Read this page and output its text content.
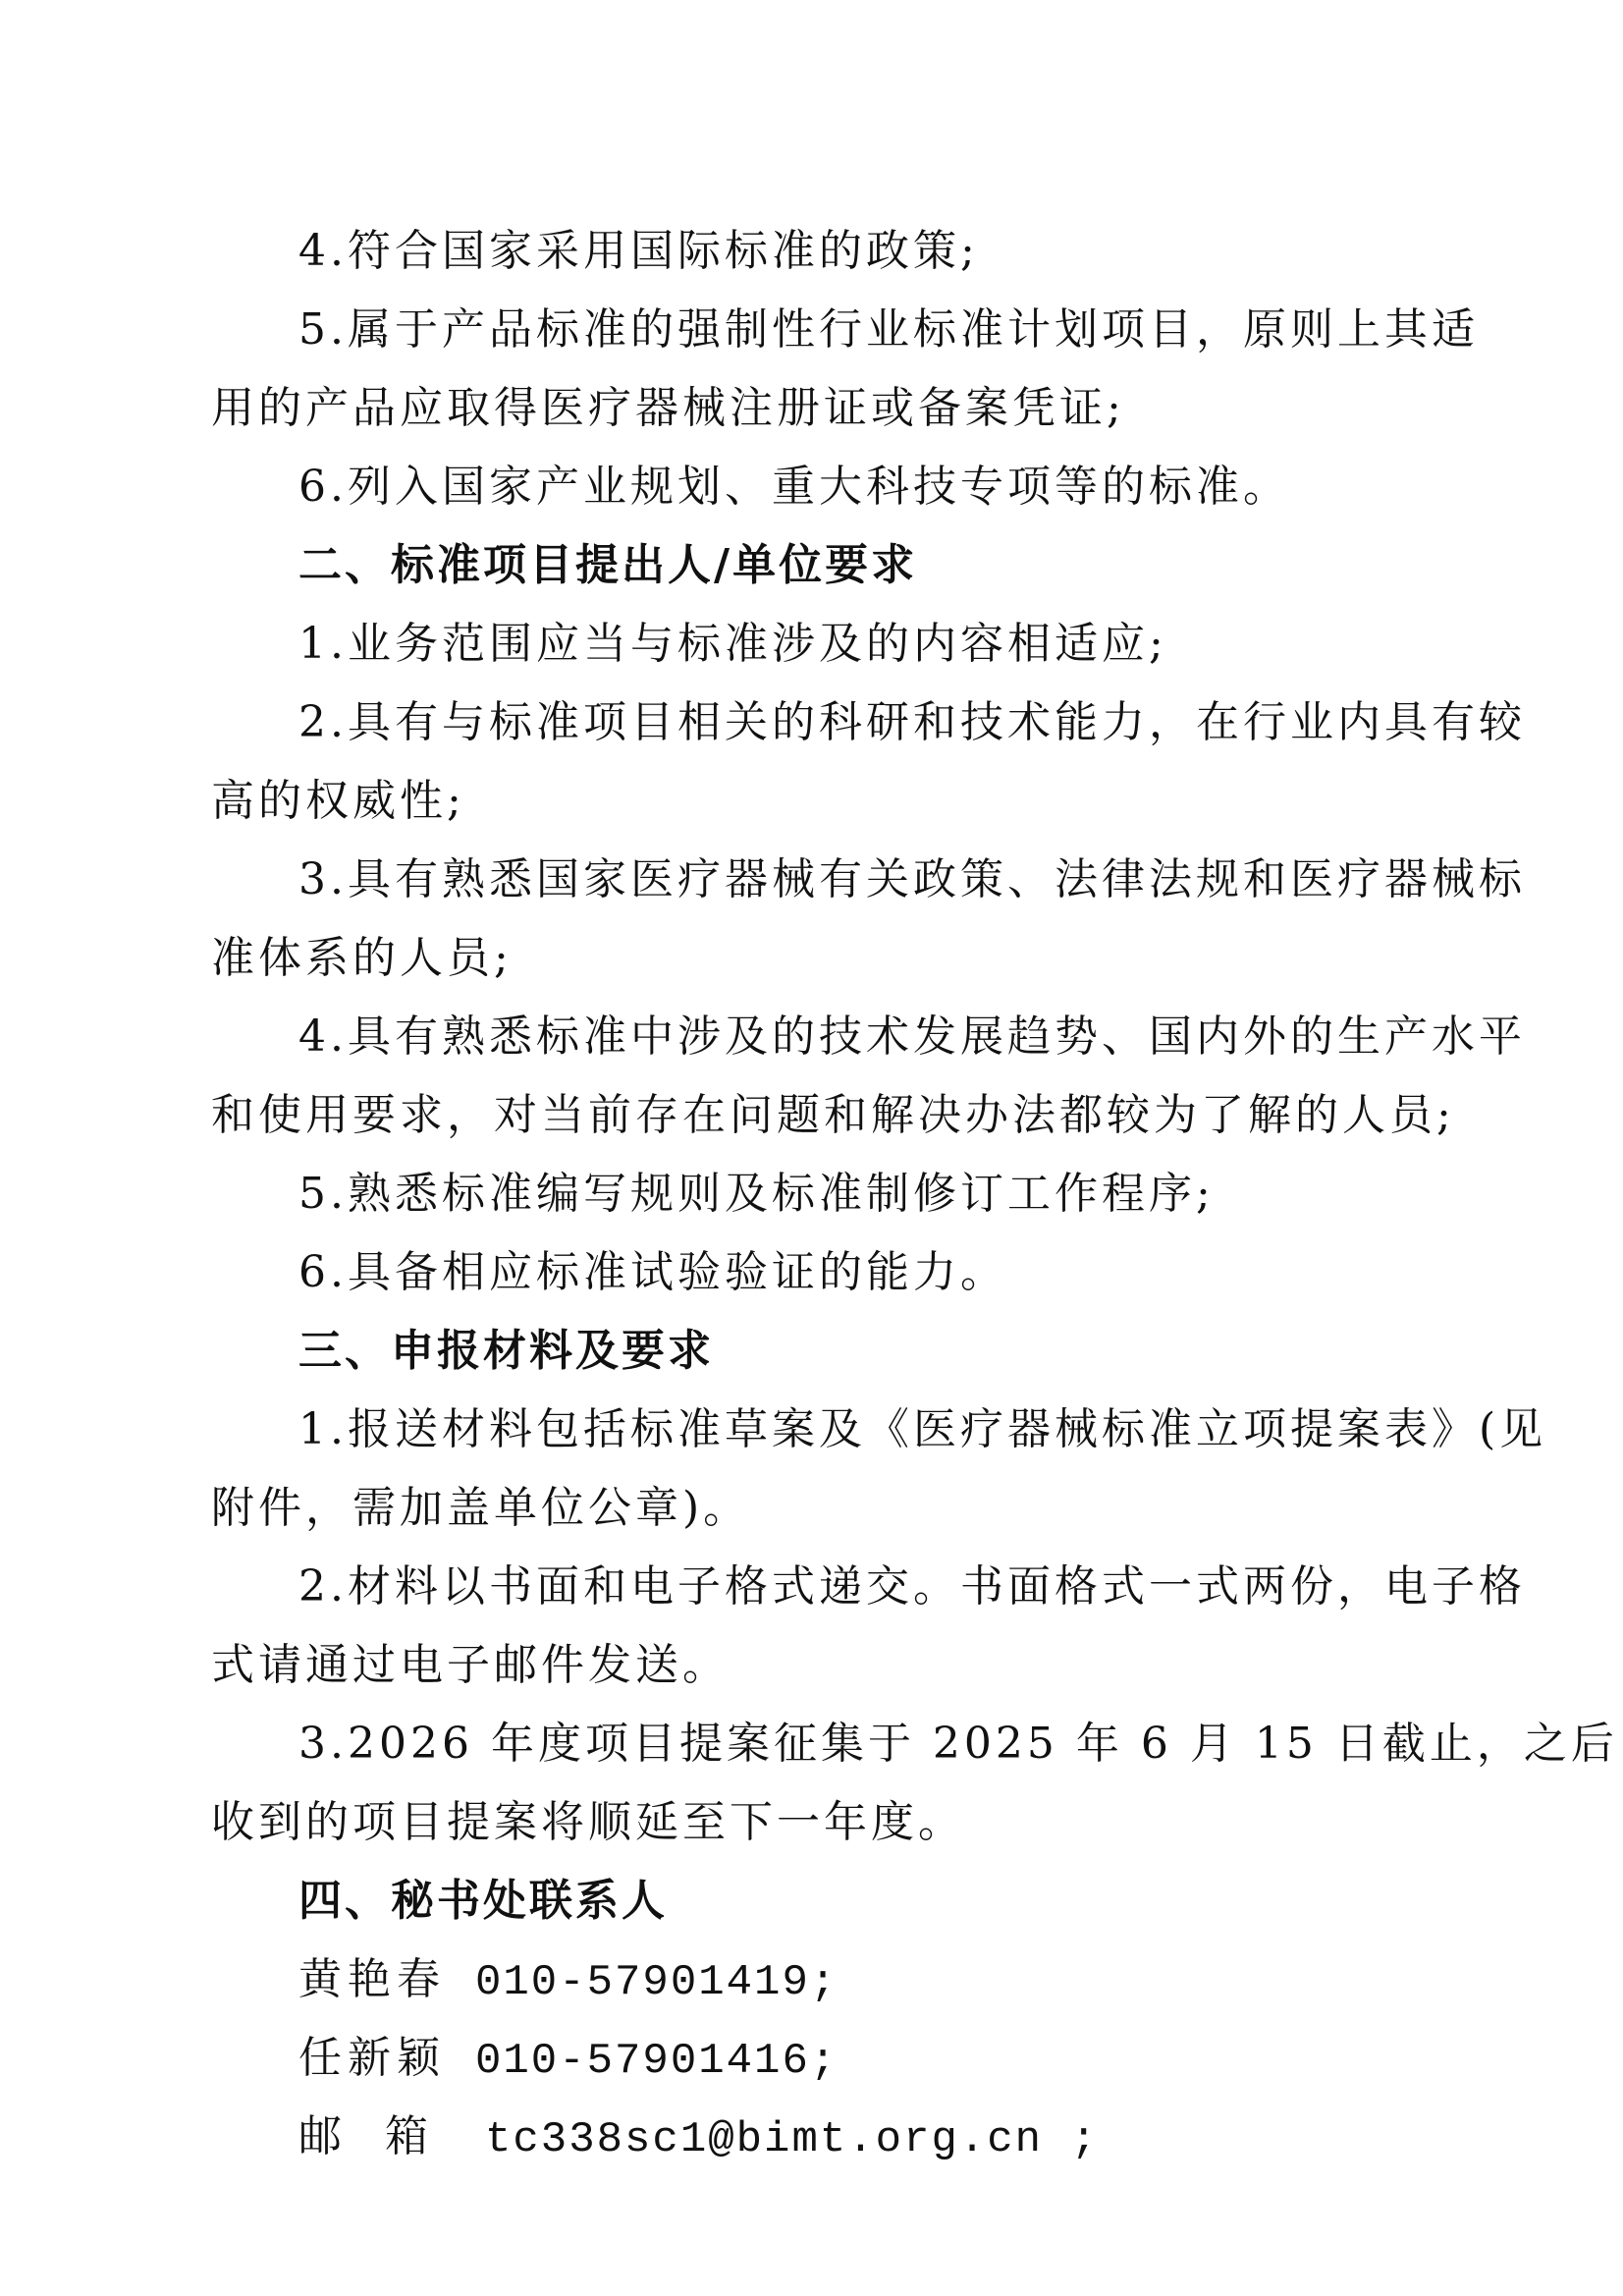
4.符合国家采用国际标准的政策;

5.属于产品标准的强制性行业标准计划项目，原则上其适

用的产品应取得医疗器械注册证或备案凭证;

6.列入国家产业规划、重大科技专项等的标准。

二、标准项目提出人/单位要求

1.业务范围应当与标准涉及的内容相适应;

2.具有与标准项目相关的科研和技术能力，在行业内具有较

高的权威性;

3.具有熟悉国家医疗器械有关政策、法律法规和医疗器械标

准体系的人员;

4.具有熟悉标准中涉及的技术发展趋势、国内外的生产水平

和使用要求，对当前存在问题和解决办法都较为了解的人员;

5.熟悉标准编写规则及标准制修订工作程序;

6.具备相应标准试验验证的能力。

三、申报材料及要求

1.报送材料包括标准草案及《医疗器械标准立项提案表》(见

附件，需加盖单位公章)。

2.材料以书面和电子格式递交。书面格式一式两份，电子格

式请通过电子邮件发送。

3.2026 年度项目提案征集于 2025 年 6 月 15 日截止，之后

收到的项目提案将顺延至下一年度。

四、秘书处联系人

黄艳春 010-57901419;
任新颖 010-57901416;
邮　箱	tc338sc1@bimt.org.cn ;
